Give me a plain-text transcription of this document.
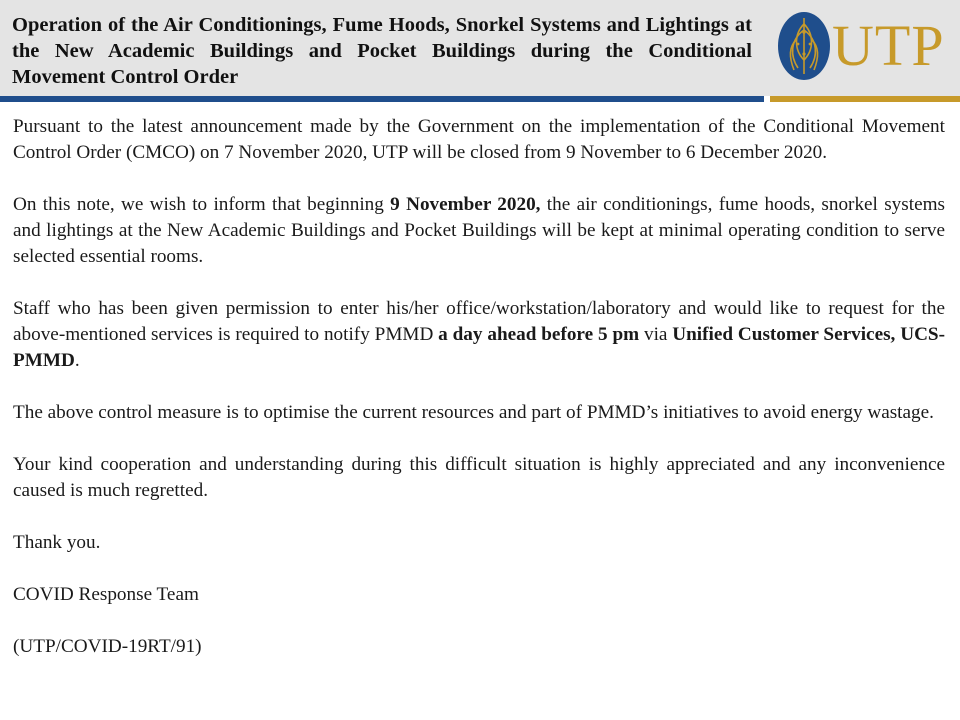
Operation of the Air Conditionings, Fume Hoods, Snorkel Systems and Lightings at the New Academic Buildings and Pocket Buildings during the Conditional Movement Control Order	UTP

Pursuant to the latest announcement made by the Government on the implementation of the Conditional Movement Control Order (CMCO) on 7 November 2020, UTP will be closed from 9 November to 6 December 2020.

On this note, we wish to inform that beginning 9 November 2020, the air conditionings, fume hoods, snorkel systems and lightings at the New Academic Buildings and Pocket Buildings will be kept at minimal operating condition to serve selected essential rooms.

Staff who has been given permission to enter his/her office/workstation/laboratory and would like to request for the above-mentioned services is required to notify PMMD a day ahead before 5 pm via Unified Customer Services, UCS-PMMD.

The above control measure is to optimise the current resources and part of PMMD’s initiatives to avoid energy wastage.

Your kind cooperation and understanding during this difficult situation is highly appreciated and any inconvenience caused is much regretted.

Thank you.

COVID Response Team

(UTP/COVID-19RT/91)
